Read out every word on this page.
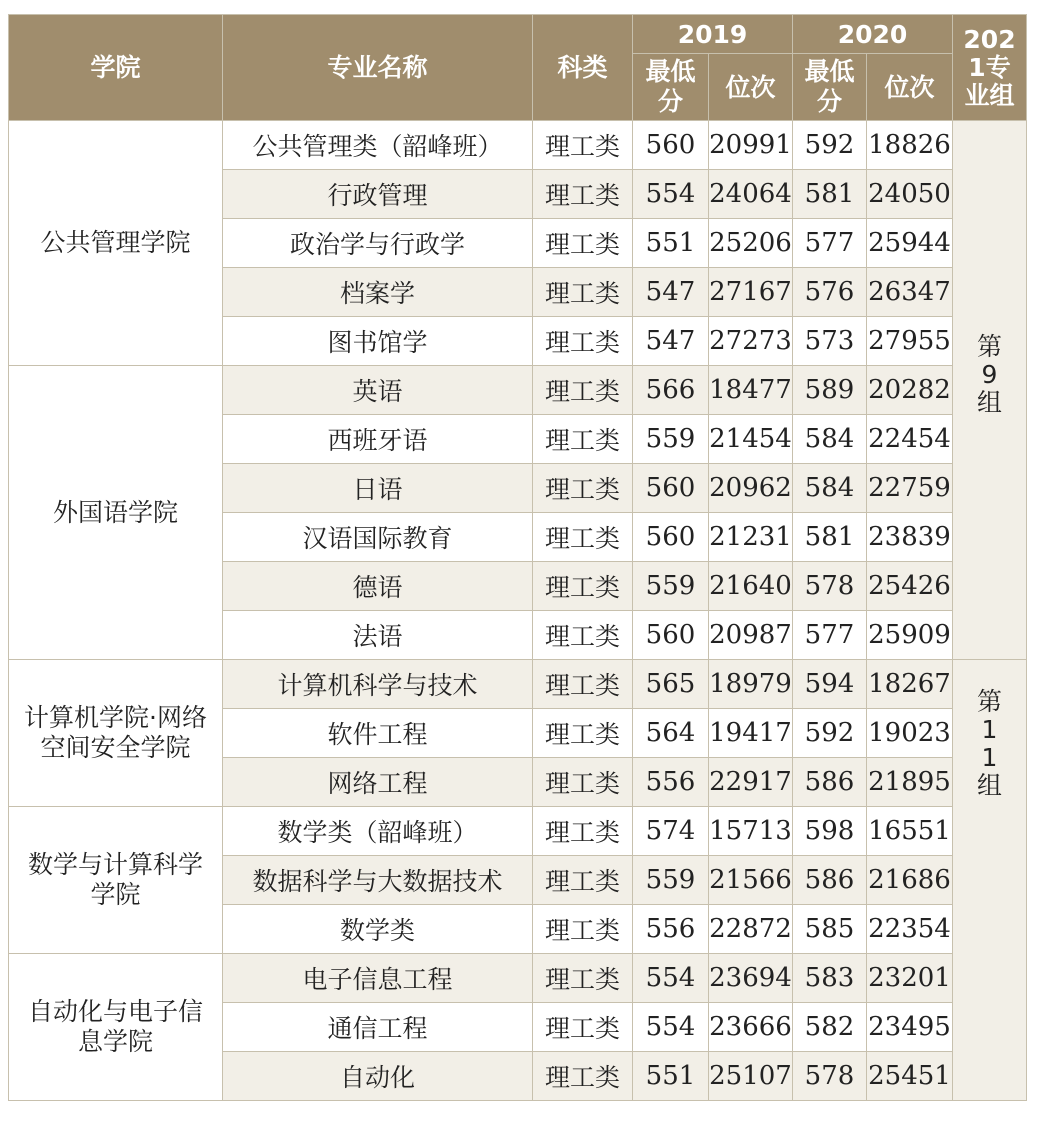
学院	专业名称	科类	2019		2020		2021专业组

			最低分	位次	最低分	位次	
公共管理学院	公共管理类（韶峰班）	理工类	560	20991	592	18826	第9组

	行政管理	理工类	554	24064	581	24050	
	政治学与行政学	理工类	551	25206	577	25944	
	档案学	理工类	547	27167	576	26347	
	图书馆学	理工类	547	27273	573	27955	
外国语学院	英语	理工类	566	18477	589	20282	
	西班牙语	理工类	559	21454	584	22454	
	日语	理工类	560	20962	584	22759	
	汉语国际教育	理工类	560	21231	581	23839	
	德语	理工类	559	21640	578	25426	
	法语	理工类	560	20987	577	25909	
计算机学院·网络空间安全学院	计算机科学与技术	理工类	565	18979	594	18267	第11组

	软件工程	理工类	564	19417	592	19023	
	网络工程	理工类	556	22917	586	21895	
数学与计算科学学院	数学类（韶峰班）	理工类	574	15713	598	16551	
	数据科学与大数据技术	理工类	559	21566	586	21686	
	数学类	理工类	556	22872	585	22354	
自动化与电子信息学院	电子信息工程	理工类	554	23694	583	23201	
	通信工程	理工类	554	23666	582	23495	
	自动化	理工类	551	25107	578	25451	
